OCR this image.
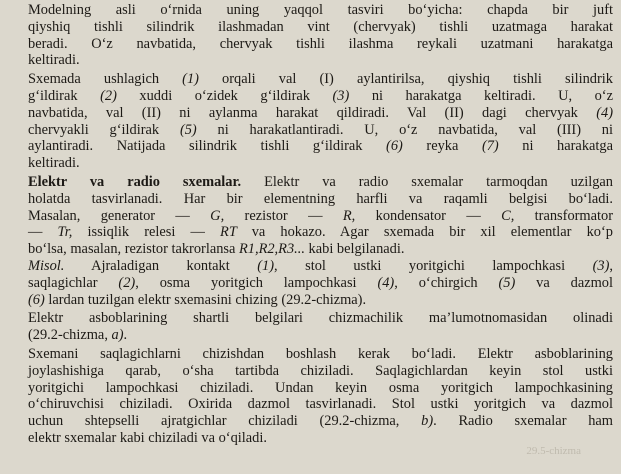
Modelning asli o‘rnida uning yaqqol tasviri bo‘yicha: chapda bir juft
qiyshiq tishli silindrik ilashmadan vint (chervyak) tishli uzatmaga harakat
beradi. O‘z navbatida, chervyak tishli ilashma reykali uzatmani harakatga
keltiradi.
Sxemada ushlagich (1) orqali val (I) aylantirilsa, qiyshiq tishli silindrik
g‘ildirak (2) xuddi o‘zidek g‘ildirak (3) ni harakatga keltiradi. U, o‘z
navbatida, val (II) ni aylanma harakat qildiradi. Val (II) dagi chervyak (4)
chervyakli g‘ildirak (5) ni harakatlantiradi. U, o‘z navbatida, val (III) ni
aylantiradi. Natijada silindrik tishli g‘ildirak (6) reyka (7) ni harakatga
keltiradi.
Elektr va radio sxemalar. Elektr va radio sxemalar tarmoqdan uzilgan
holatda tasvirlanadi. Har bir elementning harfli va raqamli belgisi bo‘ladi.
Masalan, generator — G, rezistor — R, kondensator — C, transformator
— Tr, issiqlik relesi — RT va hokazo. Agar sxemada bir xil elementlar ko‘p
bo‘lsa, masalan, rezistor takrorlansa R1,R2,R3... kabi belgilanadi.
Misol. Ajraladigan kontakt (1), stol ustki yoritgichi lampochkasi (3),
saqlagichlar (2), osma yoritgich lampochkasi (4), o‘chirgich (5) va dazmol
(6) lardan tuzilgan elektr sxemasini chizing (29.2-chizma).
Elektr asboblarining shartli belgilari chizmachilik ma’lumotnomasidan olinadi
(29.2-chizma, a).
Sxemani saqlagichlarni chizishdan boshlash kerak bo‘ladi. Elektr asboblarining
joylashishiga qarab, o‘sha tartibda chiziladi. Saqlagichlardan keyin stol ustki
yoritgichi lampochkasi chiziladi. Undan keyin osma yoritgich lampochkasining
o‘chiruvchisi chiziladi. Oxirida dazmol tasvirlanadi. Stol ustki yoritgich va dazmol
uchun shtepselli ajratgichlar chiziladi (29.2-chizma, b). Radio sxemalar ham
elektr sxemalar kabi chiziladi va o‘qiladi.
29.5-chizma
